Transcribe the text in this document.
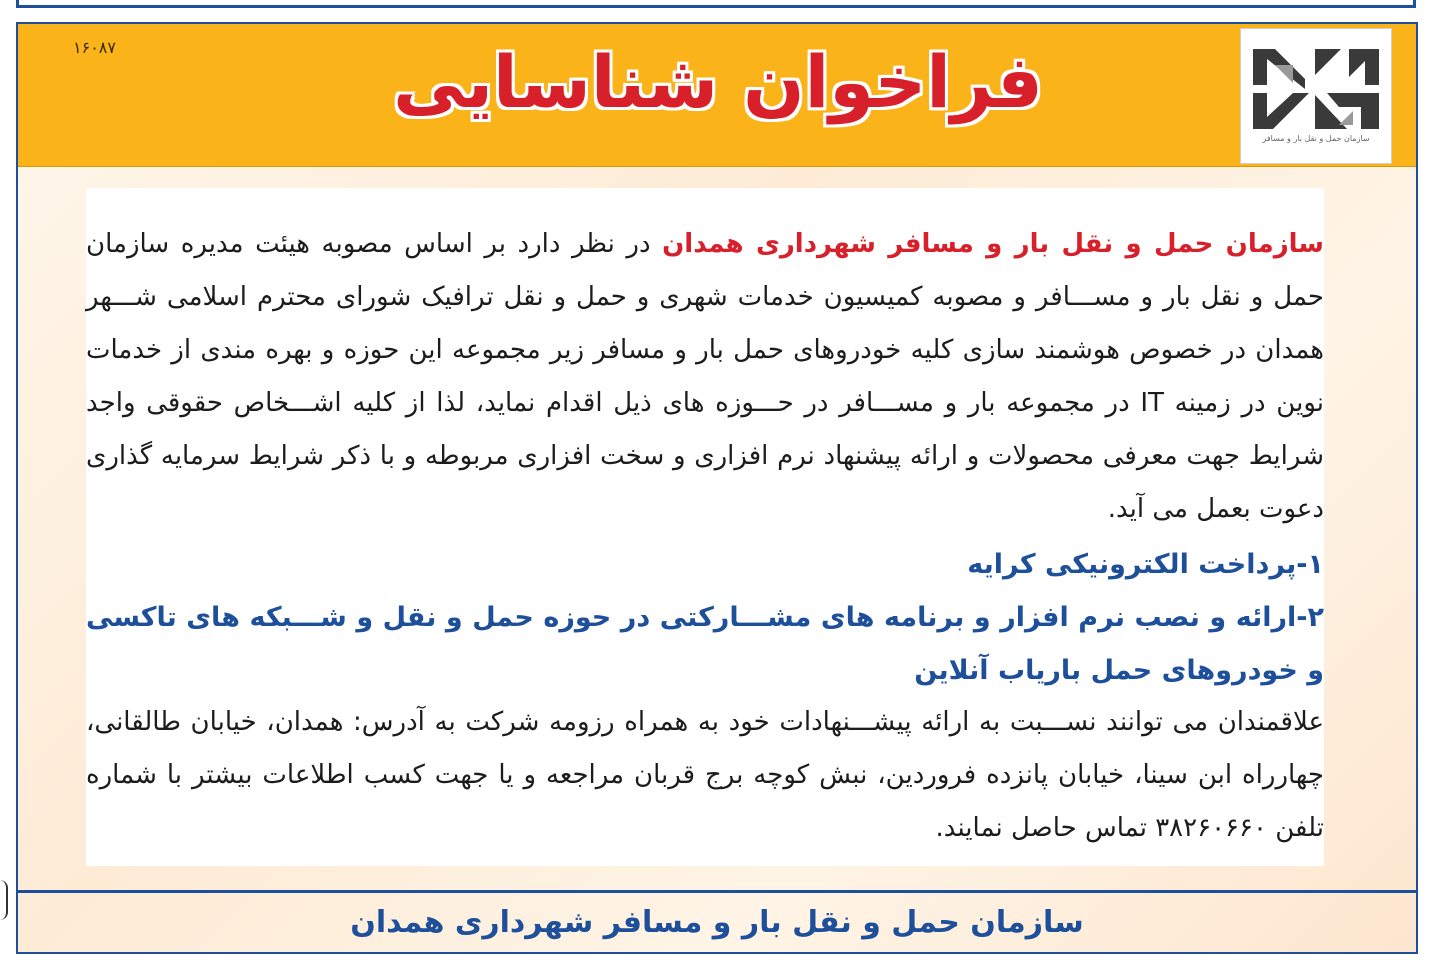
۱۶۰۸۷	فراخوان شناسایی
سازمان حمل و نقل بار و مسافر

سازمان حمل و نقل بار و مسافر شهرداری همدان در نظر دارد بر اساس مصوبه هیئت مدیره سازمان حمل و نقل بار و مســـافر و مصوبه کمیسیون خدمات شهری و حمل و نقل ترافیک شورای محترم اسلامی شـــهر همدان در خصوص هوشمند سازی کلیه خودروهای حمل بار و مسافر زیر مجموعه این حوزه و بهره مندی از خدمات نوین در زمینه IT در مجموعه بار و مســـافر در حـــوزه های ذیل اقدام نماید، لذا از کلیه اشـــخاص حقوقی واجد شرایط جهت معرفی محصولات و ارائه پیشنهاد نرم افزاری و سخت افزاری مربوطه و با ذکر شرایط سرمایه گذاری دعوت بعمل می آید.

۱-پرداخت الکترونیکی کرایه
۲-ارائه و نصب نرم افزار و برنامه های مشـــارکتی در حوزه حمل و نقل و شـــبکه های تاکسی و خودروهای حمل باریاب آنلاین

علاقمندان می توانند نســـبت به ارائه پیشـــنهادات خود به همراه رزومه شرکت به آدرس: همدان، خیابان طالقانی، چهارراه ابن سینا، خیابان پانزده فروردین، نبش کوچه برج قربان مراجعه و یا جهت کسب اطلاعات بیشتر با شماره تلفن ۳۸۲۶۰۶۶۰ تماس حاصل نمایند.

سازمان حمل و نقل بار و مسافر شهرداری همدان
